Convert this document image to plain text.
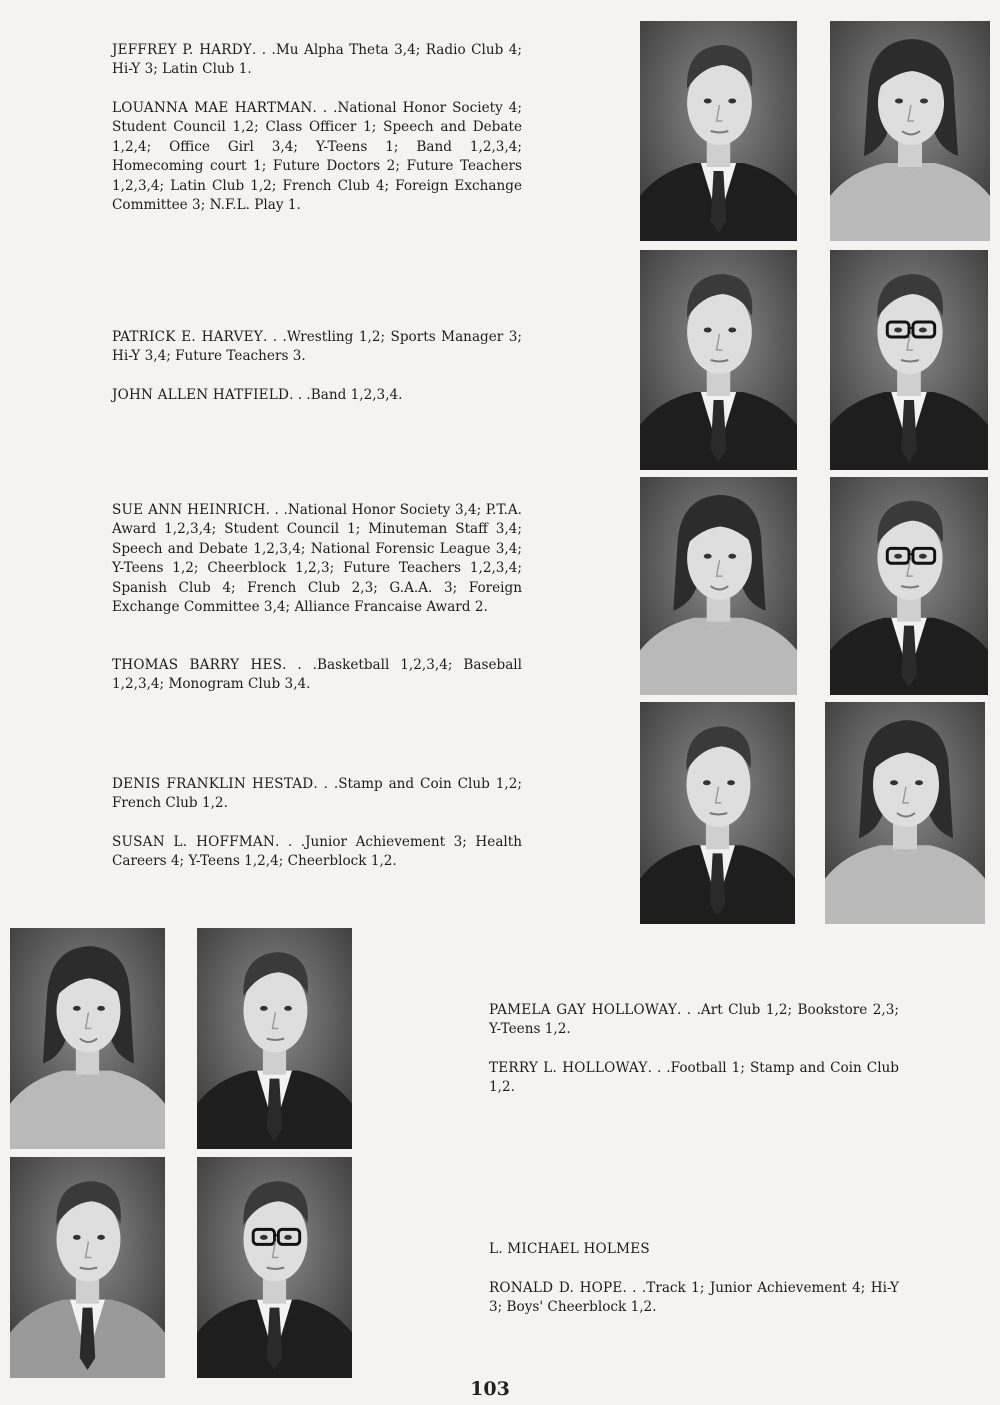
JEFFREY P. HARDY. . .Mu Alpha Theta 3,4; Radio Club 4; Hi-Y 3; Latin Club 1.

LOUANNA MAE HARTMAN. . .National Honor Society 4; Student Council 1,2; Class Officer 1; Speech and Debate 1,2,4; Office Girl 3,4; Y-Teens 1; Band 1,2,3,4; Homecoming court 1; Future Doctors 2; Future Teachers 1,2,3,4; Latin Club 1,2; French Club 4; Foreign Exchange Committee 3; N.F.L. Play 1.

PATRICK E. HARVEY. . .Wrestling 1,2; Sports Manager 3; Hi-Y 3,4; Future Teachers 3.

JOHN ALLEN HATFIELD. . .Band 1,2,3,4.

SUE ANN HEINRICH. . .National Honor Society 3,4; P.T.A. Award 1,2,3,4; Student Council 1; Minuteman Staff 3,4; Speech and Debate 1,2,3,4; National Forensic League 3,4; Y-Teens 1,2; Cheerblock 1,2,3; Future Teachers 1,2,3,4; Spanish Club 4; French Club 2,3; G.A.A. 3; Foreign Exchange Committee 3,4; Alliance Francaise Award 2.

THOMAS BARRY HES. . .Basketball 1,2,3,4; Baseball 1,2,3,4; Monogram Club 3,4.

DENIS FRANKLIN HESTAD. . .Stamp and Coin Club 1,2; French Club 1,2.

SUSAN L. HOFFMAN. . .Junior Achievement 3; Health Careers 4; Y-Teens 1,2,4; Cheerblock 1,2.

PAMELA GAY HOLLOWAY. . .Art Club 1,2; Bookstore 2,3; Y-Teens 1,2.

TERRY L. HOLLOWAY. . .Football 1; Stamp and Coin Club 1,2.

L. MICHAEL HOLMES

RONALD D. HOPE. . .Track 1; Junior Achievement 4; Hi-Y 3; Boys' Cheerblock 1,2.

103
